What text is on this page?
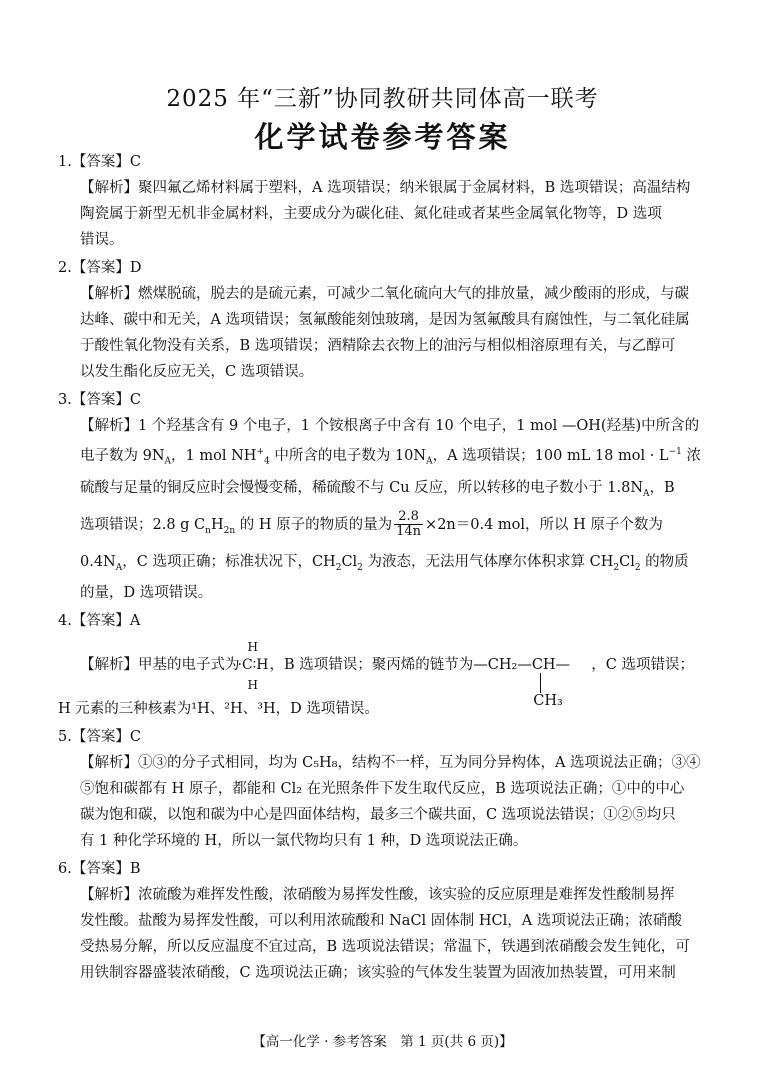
2025 年“三新”协同教研共同体高一联考
化学试卷参考答案
1.【答案】C
【解析】聚四氟乙烯材料属于塑料，A 选项错误；纳米银属于金属材料，B 选项错误；高温结构
陶瓷属于新型无机非金属材料，主要成分为碳化硅、氮化硅或者某些金属氧化物等，D 选项
错误。
2.【答案】D
【解析】燃煤脱硫，脱去的是硫元素，可减少二氧化硫向大气的排放量，减少酸雨的形成，与碳
达峰、碳中和无关，A 选项错误；氢氟酸能刻蚀玻璃，是因为氢氟酸具有腐蚀性，与二氧化硅属
于酸性氧化物没有关系，B 选项错误；酒精除去衣物上的油污与相似相溶原理有关，与乙醇可
以发生酯化反应无关，C 选项错误。
3.【答案】C
【解析】1 个羟基含有 9 个电子，1 个铵根离子中含有 10 个电子，1 mol —OH(羟基)中所含的
电子数为 $9N_A$，1 mol $NH^+_4$ 中所含的电子数为 $10N_A$，A 选项错误；100 mL 18 mol · $L^{-1}$ 浓
硫酸与足量的铜反应时会慢慢变稀，稀硫酸不与 Cu 反应，所以转移的电子数小于 $1.8N_A$，B
选项错误；2.8 g $C_nH_{2n}$ 的 H 原子的物质的量为 $\frac{2.8}{14n} \times 2n=0.4$ mol，所以 H 原子个数为
$0.4N_A$，C 选项正确；标准状况下，$CH_2Cl_2$ 为液态，无法用气体摩尔体积求算 $CH_2Cl_2$ 的物质
的量，D 选项错误。
4.【答案】A
【解析】甲基的电子式为
H
·C∶H
H
，B 选项错误；聚丙烯的链节为 —CH₂—CH—
CH₃
，C 选项错误；
H 元素的三种核素为¹H、²H、³H，D 选项错误。
5.【答案】C
【解析】①③的分子式相同，均为 C₅H₈，结构不一样，互为同分异构体，A 选项说法正确；③④
⑤饱和碳都有 H 原子，都能和 Cl₂ 在光照条件下发生取代反应，B 选项说法正确；①中的中心
碳为饱和碳，以饱和碳为中心是四面体结构，最多三个碳共面，C 选项说法错误；①②⑤均只
有 1 种化学环境的 H，所以一氯代物均只有 1 种，D 选项说法正确。
6.【答案】B
【解析】浓硫酸为难挥发性酸，浓硝酸为易挥发性酸，该实验的反应原理是难挥发性酸制易挥
发性酸。盐酸为易挥发性酸，可以利用浓硫酸和 NaCl 固体制 HCl，A 选项说法正确；浓硝酸
受热易分解，所以反应温度不宜过高，B 选项说法错误；常温下，铁遇到浓硝酸会发生钝化，可
用铁制容器盛装浓硝酸，C 选项说法正确；该实验的气体发生装置为固液加热装置，可用来制
【高一化学 · 参考答案　第 1 页(共 6 页)】
